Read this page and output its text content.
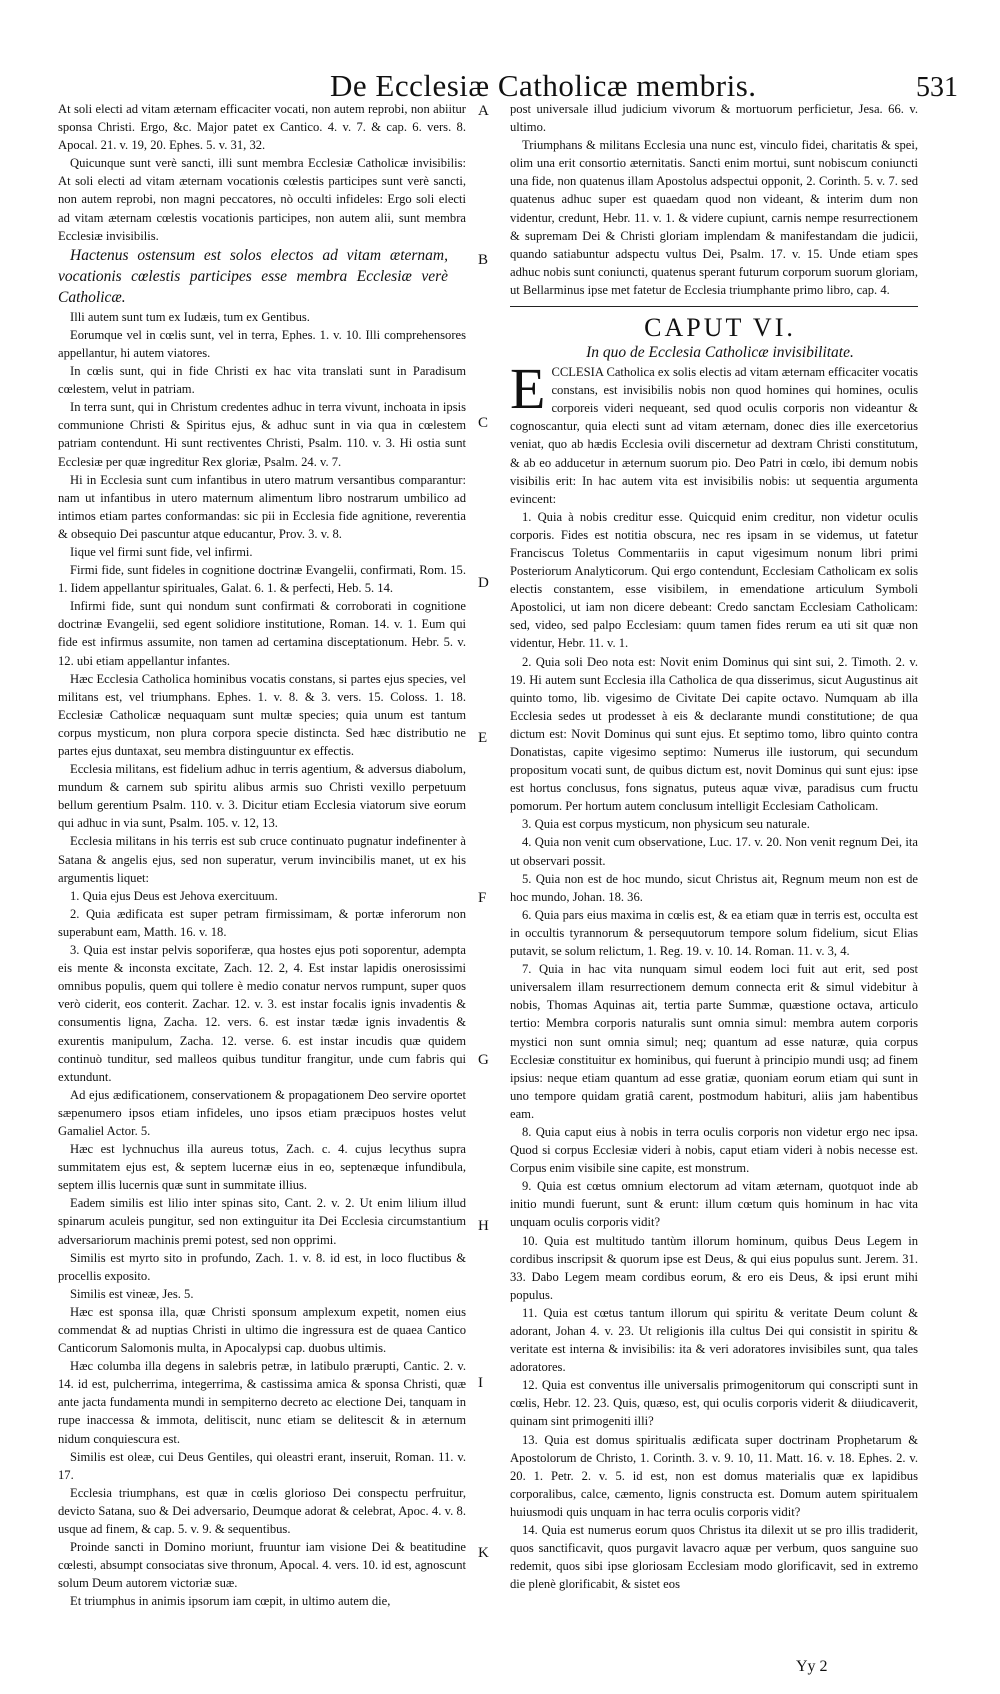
De Ecclesiæ Catholicæ membris.	531

At soli electi ad vitam æternam efficaciter vocati, non autem reprobi, non abiitur sponsa Christi. Ergo, &c. Major patet ex Cantico. 4. v. 7. & cap. 6. vers. 8. Apocal. 21. v. 19, 20. Ephes. 5. v. 31, 32.

Quicunque sunt verè sancti, illi sunt membra Ecclesiæ Catholicæ invisibilis: At soli electi ad vitam æternam vocationis cœlestis participes sunt verè sancti, non autem reprobi, non magni peccatores, nò occulti infideles: Ergo soli electi ad vitam æternam cœlestis vocationis participes, non autem alii, sunt membra Ecclesiæ invisibilis.

Hactenus ostensum est solos electos ad vitam æternam, vocationis cœlestis participes esse membra Ecclesiæ verè Catholicæ.

Illi autem sunt tum ex Iudæis, tum ex Gentibus.

Eorumque vel in cœlis sunt, vel in terra, Ephes. 1. v. 10. Illi comprehensores appellantur, hi autem viatores.

In cœlis sunt, qui in fide Christi ex hac vita translati sunt in Paradisum cœlestem, velut in patriam.

In terra sunt, qui in Christum credentes adhuc in terra vivunt, inchoata in ipsis communione Christi & Spiritus ejus, & adhuc sunt in via qua in cœlestem patriam contendunt. Hi sunt rectiventes Christi, Psalm. 110. v. 3. Hi ostia sunt Ecclesiæ per quæ ingreditur Rex gloriæ, Psalm. 24. v. 7.

Hi in Ecclesia sunt cum infantibus in utero matrum versantibus comparantur: nam ut infantibus in utero maternum alimentum libro nostrarum umbilico ad intimos etiam partes conformandas: sic pii in Ecclesia fide agnitione, reverentia & obsequio Dei pascuntur atque educantur, Prov. 3. v. 8.

Iique vel firmi sunt fide, vel infirmi.

Firmi fide, sunt fideles in cognitione doctrinæ Evangelii, confirmati, Rom. 15. 1. Iidem appellantur spirituales, Galat. 6. 1. & perfecti, Heb. 5. 14.

Infirmi fide, sunt qui nondum sunt confirmati & corroborati in cognitione doctrinæ Evangelii, sed egent solidiore institutione, Roman. 14. v. 1. Eum qui fide est infirmus assumite, non tamen ad certamina disceptationum. Hebr. 5. v. 12. ubi etiam appellantur infantes.

Hæc Ecclesia Catholica hominibus vocatis constans, si partes ejus species, vel militans est, vel triumphans. Ephes. 1. v. 8. & 3. vers. 15. Coloss. 1. 18. Ecclesiæ Catholicæ nequaquam sunt multæ species; quia unum est tantum corpus mysticum, non plura corpora specie distincta. Sed hæc distributio ne partes ejus duntaxat, seu membra distinguuntur ex effectis.

Ecclesia militans, est fidelium adhuc in terris agentium, & adversus diabolum, mundum & carnem sub spiritu alibus armis suo Christi vexillo perpetuum bellum gerentium Psalm. 110. v. 3. Dicitur etiam Ecclesia viatorum sive eorum qui adhuc in via sunt, Psalm. 105. v. 12, 13.

Ecclesia militans in his terris est sub cruce continuato pugnatur indefinenter à Satana & angelis ejus, sed non superatur, verum invincibilis manet, ut ex his argumentis liquet:

1. Quia ejus Deus est Jehova exercituum.

2. Quia ædificata est super petram firmissimam, & portæ inferorum non superabunt eam, Matth. 16. v. 18.

3. Quia est instar pelvis soporiferæ, qua hostes ejus poti soporentur, adempta eis mente & inconsta excitate, Zach. 12. 2, 4. Est instar lapidis onerosissimi omnibus populis, quem qui tollere è medio conatur nervos rumpunt, super quos verò ciderit, eos conterit. Zachar. 12. v. 3. est instar focalis ignis invadentis & consumentis ligna, Zacha. 12. vers. 6. est instar tædæ ignis invadentis & exurentis manipulum, Zacha. 12. verse. 6. est instar incudis quæ quidem continuò tunditur, sed malleos quibus tunditur frangitur, unde cum fabris qui extundunt.

Ad ejus ædificationem, conservationem & propagationem Deo servire oportet sæpenumero ipsos etiam infideles, uno ipsos etiam præcipuos hostes velut Gamaliel Actor. 5.

Hæc est lychnuchus illa aureus totus, Zach. c. 4. cujus lecythus supra summitatem ejus est, & septem lucernæ eius in eo, septenæque infundibula, septem illis lucernis quæ sunt in summitate illius.

Eadem similis est lilio inter spinas sito, Cant. 2. v. 2. Ut enim lilium illud spinarum aculeis pungitur, sed non extinguitur ita Dei Ecclesia circumstantium adversariorum machinis premi potest, sed non opprimi.

Similis est myrto sito in profundo, Zach. 1. v. 8. id est, in loco fluctibus & procellis exposito.

Similis est vineæ, Jes. 5.

Hæc est sponsa illa, quæ Christi sponsum amplexum expetit, nomen eius commendat & ad nuptias Christi in ultimo die ingressura est de quaea Cantico Canticorum Salomonis multa, in Apocalypsi cap. duobus ultimis.

Hæc columba illa degens in salebris petræ, in latibulo prærupti, Cantic. 2. v. 14. id est, pulcherrima, integerrima, & castissima amica & sponsa Christi, quæ ante jacta fundamenta mundi in sempiterno decreto ac electione Dei, tanquam in rupe inaccessa & immota, delitiscit, nunc etiam se delitescit & in æternum nidum conquiescura est.

Similis est oleæ, cui Deus Gentiles, qui oleastri erant, inseruit, Roman. 11. v. 17.

Ecclesia triumphans, est quæ in cœlis glorioso Dei conspectu perfruitur, devicto Satana, suo & Dei adversario, Deumque adorat & celebrat, Apoc. 4. v. 8. usque ad finem, & cap. 5. v. 9. & sequentibus.

Proinde sancti in Domino moriunt, fruuntur iam visione Dei & beatitudine cœlesti, absumpt consociatas sive thronum, Apocal. 4. vers. 10. id est, agnoscunt solum Deum autorem victoriæ suæ.

Et triumphus in animis ipsorum iam cœpit, in ultimo autem die,

A
B
C
D
E
F
G
H
I
K

post universale illud judicium vivorum & mortuorum perficietur, Jesa. 66. v. ultimo.

Triumphans & militans Ecclesia una nunc est, vinculo fidei, charitatis & spei, olim una erit consortio æternitatis. Sancti enim mortui, sunt nobiscum coniuncti una fide, non quatenus illam Apostolus adspectui opponit, 2. Corinth. 5. v. 7. sed quatenus adhuc super est quaedam quod non videant, & interim dum non videntur, credunt, Hebr. 11. v. 1. & videre cupiunt, carnis nempe resurrectionem & supremam Dei & Christi gloriam implendam & manifestandam die judicii, quando satiabuntur adspectu vultus Dei, Psalm. 17. v. 15. Unde etiam spes adhuc nobis sunt coniuncti, quatenus sperant futurum corporum suorum gloriam, ut Bellarminus ipse met fatetur de Ecclesia triumphante primo libro, cap. 4.

CAPUT VI.

In quo de Ecclesia Catholicæ invisibilitate.

ECCLESIA Catholica ex solis electis ad vitam æternam efficaciter vocatis constans, est invisibilis nobis non quod homines qui homines, oculis corporeis videri nequeant, sed quod oculis corporis non videantur & cognoscantur, quia electi sunt ad vitam æternam, donec dies ille exercetorius veniat, quo ab hædis Ecclesia ovili discernetur ad dextram Christi constitutum, & ab eo adducetur in æternum suorum pio. Deo Patri in cœlo, ibi demum nobis visibilis erit: In hac autem vita est invisibilis nobis: ut sequentia argumenta evincent:

1. Quia à nobis creditur esse. Quicquid enim creditur, non videtur oculis corporis. Fides est notitia obscura, nec res ipsam in se videmus, ut fatetur Franciscus Toletus Commentariis in caput vigesimum nonum libri primi Posteriorum Analyticorum. Qui ergo contendunt, Ecclesiam Catholicam ex solis electis constantem, esse visibilem, in emendatione articulum Symboli Apostolici, ut iam non dicere debeant: Credo sanctam Ecclesiam Catholicam: sed, video, sed palpo Ecclesiam: quum tamen fides rerum ea uti sit quæ non videntur, Hebr. 11. v. 1.

2. Quia soli Deo nota est: Novit enim Dominus qui sint sui, 2. Timoth. 2. v. 19. Hi autem sunt Ecclesia illa Catholica de qua disserimus, sicut Augustinus ait quinto tomo, lib. vigesimo de Civitate Dei capite octavo. Numquam ab illa Ecclesia sedes ut prodesset à eis & declarante mundi constitutione; de qua dictum est: Novit Dominus qui sunt ejus. Et septimo tomo, libro quinto contra Donatistas, capite vigesimo septimo: Numerus ille iustorum, qui secundum propositum vocati sunt, de quibus dictum est, novit Dominus qui sunt ejus: ipse est hortus conclusus, fons signatus, puteus aquæ vivæ, paradisus cum fructu pomorum. Per hortum autem conclusum intelligit Ecclesiam Catholicam.

3. Quia est corpus mysticum, non physicum seu naturale.

4. Quia non venit cum observatione, Luc. 17. v. 20. Non venit regnum Dei, ita ut observari possit.

5. Quia non est de hoc mundo, sicut Christus ait, Regnum meum non est de hoc mundo, Johan. 18. 36.

6. Quia pars eius maxima in cœlis est, & ea etiam quæ in terris est, occulta est in occultis tyrannorum & persequutorum tempore solum fidelium, sicut Elias putavit, se solum relictum, 1. Reg. 19. v. 10. 14. Roman. 11. v. 3, 4.

7. Quia in hac vita nunquam simul eodem loci fuit aut erit, sed post universalem illam resurrectionem demum connecta erit & simul videbitur à nobis, Thomas Aquinas ait, tertia parte Summæ, quæstione octava, articulo tertio: Membra corporis naturalis sunt omnia simul: membra autem corporis mystici non sunt omnia simul; neq; quantum ad esse naturæ, quia corpus Ecclesiæ constituitur ex hominibus, qui fuerunt à principio mundi usq; ad finem ipsius: neque etiam quantum ad esse gratiæ, quoniam eorum etiam qui sunt in uno tempore quidam gratiâ carent, postmodum habituri, aliis jam habentibus eam.

8. Quia caput eius à nobis in terra oculis corporis non videtur ergo nec ipsa. Quod si corpus Ecclesiæ videri à nobis, caput etiam videri à nobis necesse est. Corpus enim visibile sine capite, est monstrum.

9. Quia est cœtus omnium electorum ad vitam æternam, quotquot inde ab initio mundi fuerunt, sunt & erunt: illum cœtum quis hominum in hac vita unquam oculis corporis vidit?

10. Quia est multitudo tantùm illorum hominum, quibus Deus Legem in cordibus inscripsit & quorum ipse est Deus, & qui eius populus sunt. Jerem. 31. 33. Dabo Legem meam cordibus eorum, & ero eis Deus, & ipsi erunt mihi populus.

11. Quia est cœtus tantum illorum qui spiritu & veritate Deum colunt & adorant, Johan 4. v. 23. Ut religionis illa cultus Dei qui consistit in spiritu & veritate est interna & invisibilis: ita & veri adoratores invisibiles sunt, qua tales adoratores.

12. Quia est conventus ille universalis primogenitorum qui conscripti sunt in cœlis, Hebr. 12. 23. Quis, quæso, est, qui oculis corporis viderit & diiudicaverit, quinam sint primogeniti illi?

13. Quia est domus spiritualis ædificata super doctrinam Prophetarum & Apostolorum de Christo, 1. Corinth. 3. v. 9. 10, 11. Matt. 16. v. 18. Ephes. 2. v. 20. 1. Petr. 2. v. 5. id est, non est domus materialis quæ ex lapidibus corporalibus, calce, cæmento, lignis constructa est. Domum autem spiritualem huiusmodi quis unquam in hac terra oculis corporis vidit?

14. Quia est numerus eorum quos Christus ita dilexit ut se pro illis tradiderit, quos sanctificavit, quos purgavit lavacro aquæ per verbum, quos sanguine suo redemit, quos sibi ipse gloriosam Ecclesiam modo glorificavit, sed in extremo die plenè glorificabit, & sistet eos

Yy 2
